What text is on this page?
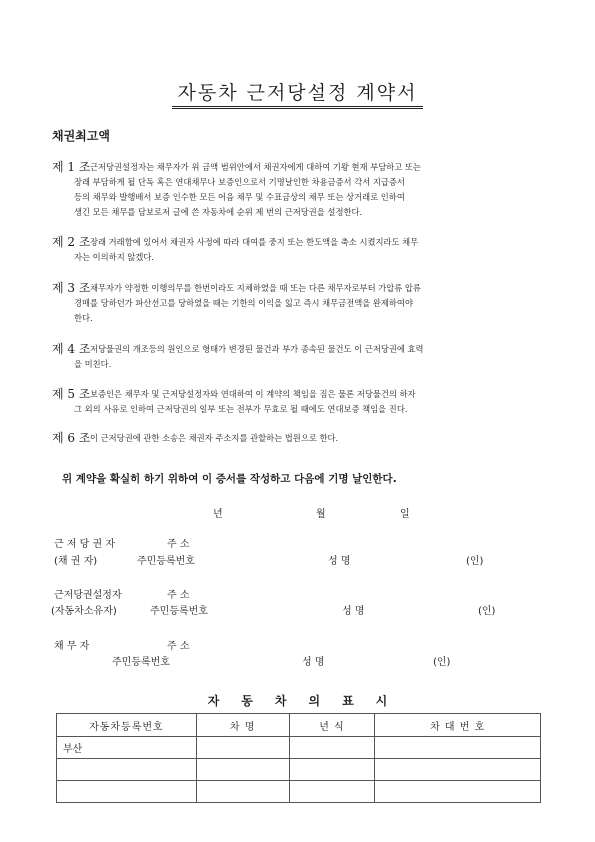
자동차 근저당설정 계약서
채권최고액
제 1 조 근저당권설정자는 채무자가 위 금액 범위안에서 채권자에게 대하여 기왕 현재 부담하고 또는
장래 부담하게 될 단독 혹은 연대채무나 보증인으로서 기명날인한 차용금증서 각서 지급증서
등의 채무와 발행배서 보증 인수한 모든 어음 채무 및 수표금상의 채무 또는 상거래로 인하여
생긴 모든 채무를 담보로저 글에 쓴 자동차에 순위 제 번의 근저당권을 설정한다.
제 2 조 장래 거래함에 있어서 채권자 사정에 따라 대여를 중지 또는 한도액을 축소 시켰지라도 채무
자는 이의하지 않겠다.
제 3 조 채무자가 약정한 이행의무를 한번이라도 지체하였을 때 또는 다른 채무자로부터 가압류 압류
경매를 당하던가 파산선고를 당하였을 때는 기한의 이익을 잃고 즉시 채무금전액을 완제하여야
한다.
제 4 조 저당물권의 개조등의 원인으로 형태가 변경된 물건과 부가 종속된 물건도 이 근저당권에 효력
을 미친다.
제 5 조 보증인은 채무자 및 근저당설정자와 연대하여 이 계약의 책임을 짐은 물론 저당물건의 하자
그 외의 사유로 인하여 근저당권의 일부 또는 전부가 무효로 될 때에도 연대보증 책임을 진다.
제 6 조 이 근저당권에 관한 소송은 채권자 주소지를 관할하는 법원으로 한다.
위 계약을 확실히 하기 위하여 이 증서를 작성하고 다음에 기명 날인한다.
년	월	일
근 저 당 권 자	주 소
(채 권 자)	주민등록번호	성 명	(인)
근저당권설정자	주 소
(자동차소유자)	주민등록번호	성 명	(인)
채 무 자	주 소
주민등록번호	성 명	(인)
자동차의표시
자동차등록번호	차 명	년 식	차 대 번 호
부산			
